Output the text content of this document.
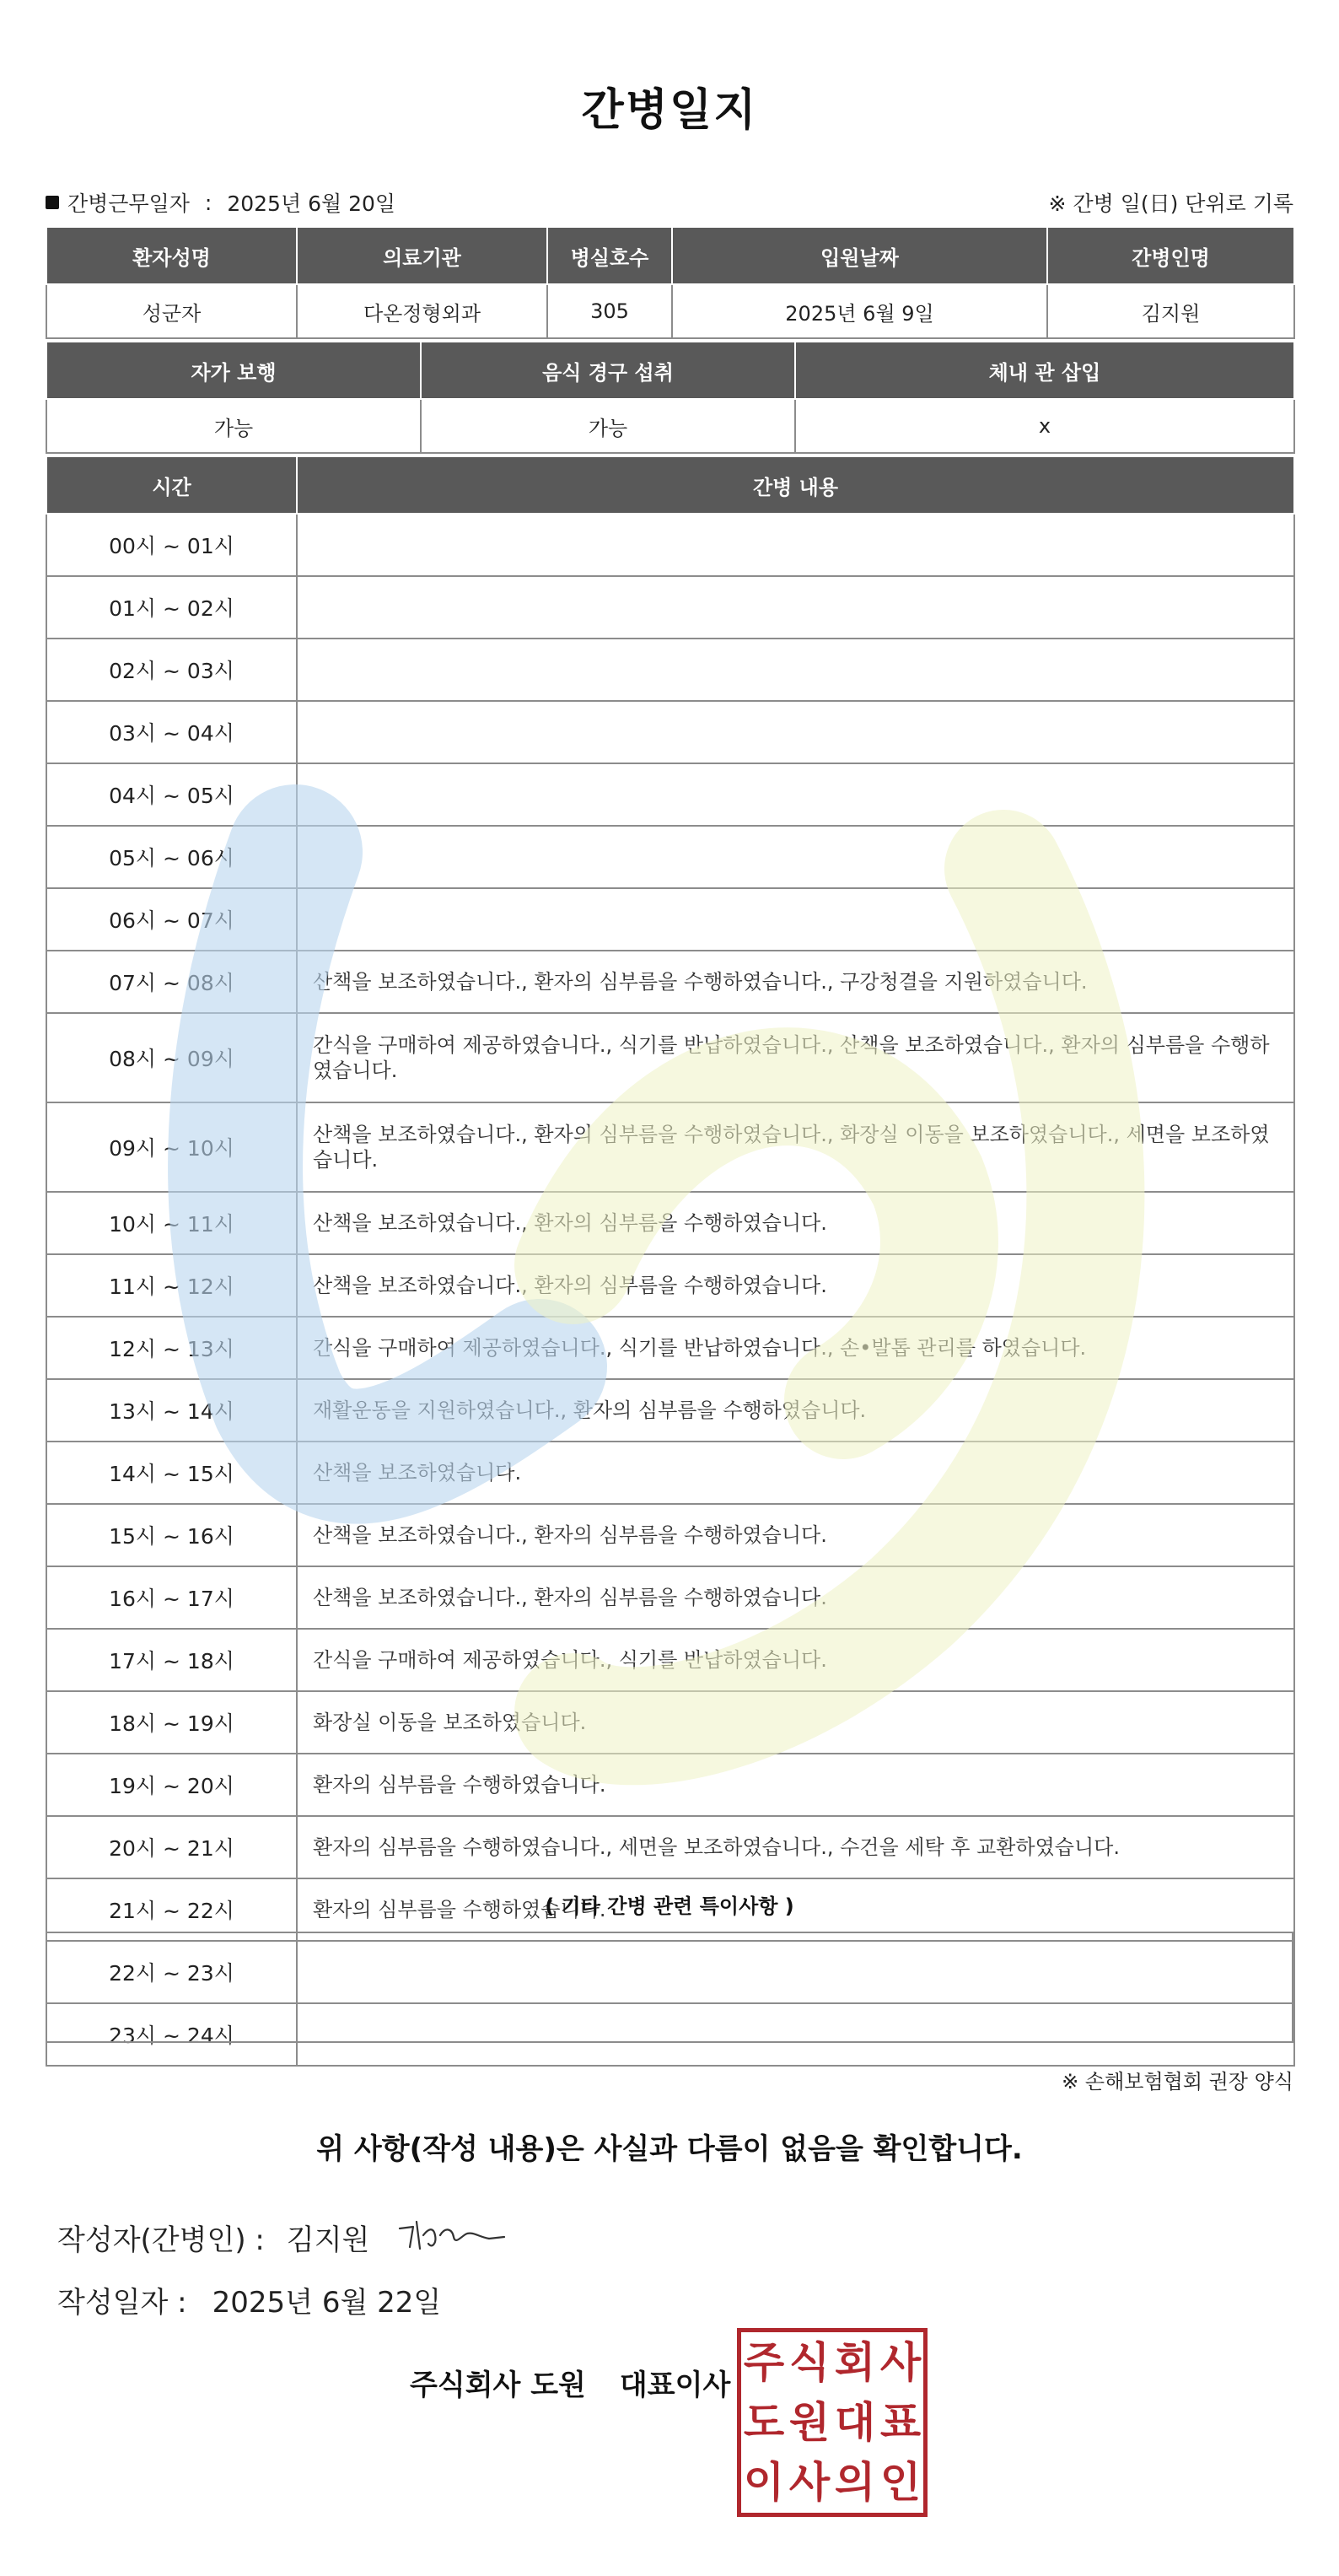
간병일지
간병근무일자 : 2025년 6월 20일	※ 간병 일(日) 단위로 기록
환자성명	의료기관	병실호수	입원날짜	간병인명
성군자	다온정형외과	305	2025년 6월 9일	김지원
자가 보행	음식 경구 섭취	체내 관 삽입
가능	가능	x
시간	간병 내용
00시 ~ 01시	
01시 ~ 02시	
02시 ~ 03시	
03시 ~ 04시	
04시 ~ 05시	
05시 ~ 06시	
06시 ~ 07시	
07시 ~ 08시	산책을 보조하였습니다., 환자의 심부름을 수행하였습니다., 구강청결을 지원하였습니다.
08시 ~ 09시	간식을 구매하여 제공하였습니다., 식기를 반납하였습니다., 산책을 보조하였습니다., 환자의 심부름을 수행하였습니다.
09시 ~ 10시	산책을 보조하였습니다., 환자의 심부름을 수행하였습니다., 화장실 이동을 보조하였습니다., 세면을 보조하였습니다.
10시 ~ 11시	산책을 보조하였습니다., 환자의 심부름을 수행하였습니다.
11시 ~ 12시	산책을 보조하였습니다., 환자의 심부름을 수행하였습니다.
12시 ~ 13시	간식을 구매하여 제공하였습니다., 식기를 반납하였습니다., 손•발톱 관리를 하였습니다.
13시 ~ 14시	재활운동을 지원하였습니다., 환자의 심부름을 수행하였습니다.
14시 ~ 15시	산책을 보조하였습니다.
15시 ~ 16시	산책을 보조하였습니다., 환자의 심부름을 수행하였습니다.
16시 ~ 17시	산책을 보조하였습니다., 환자의 심부름을 수행하였습니다.
17시 ~ 18시	간식을 구매하여 제공하였습니다., 식기를 반납하였습니다.
18시 ~ 19시	화장실 이동을 보조하였습니다.
19시 ~ 20시	환자의 심부름을 수행하였습니다.
20시 ~ 21시	환자의 심부름을 수행하였습니다., 세면을 보조하였습니다., 수건을 세탁 후 교환하였습니다.
21시 ~ 22시	환자의 심부름을 수행하였습니다.
22시 ~ 23시	
23시 ~ 24시	
( 기타 간병 관련 특이사항 )
※ 손해보험협회 권장 양식
위 사항(작성 내용)은 사실과 다름이 없음을 확인합니다.
작성자(간병인) : 김지원
작성일자 : 2025년 6월 22일
주식회사 도원 대표이사 주 식 회 사
도 원 대 표
이 사 의 인
